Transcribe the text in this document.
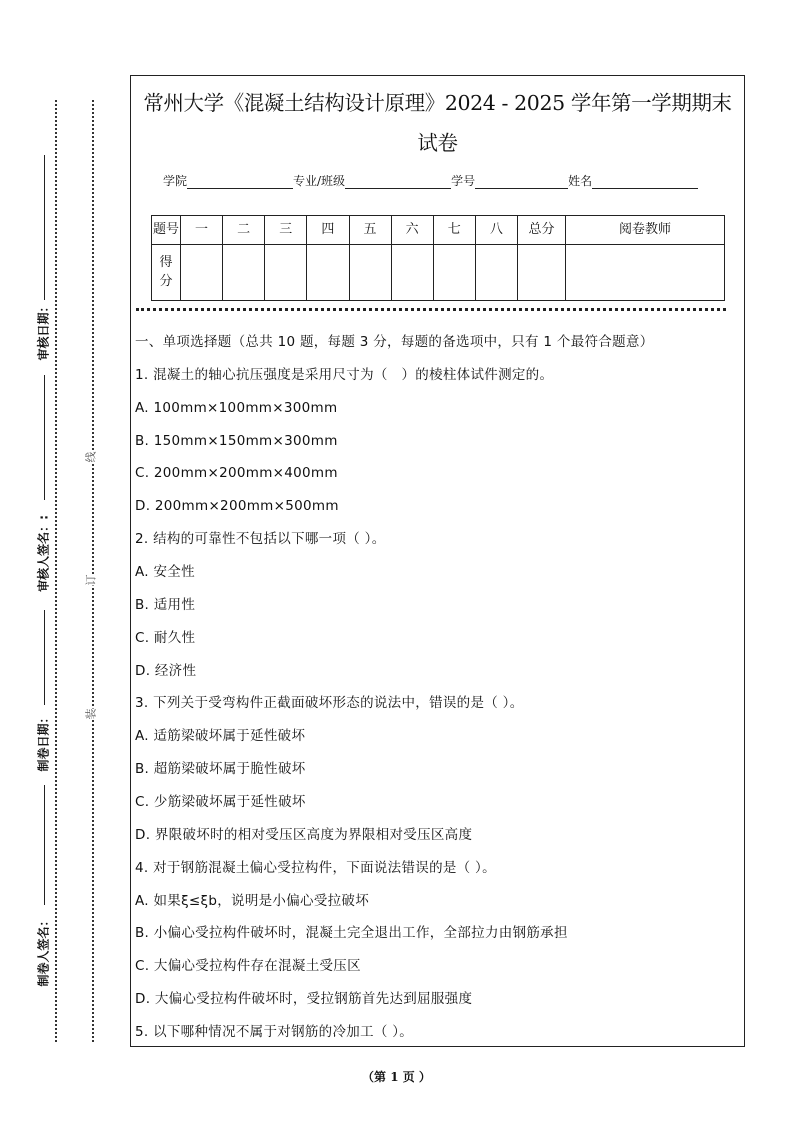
审核日期：
审核人签名：:
制卷日期：
制卷人签名：
线
订
装
常州大学《混凝土结构设计原理》2024 - 2025 学年第一学期期末
试卷
学院	专业/班级	学号	姓名
题号	一	二	三	四	五	六	七	八	总分	阅卷教师
得分										
一、单项选择题（总共 10 题，每题 3 分，每题的备选项中，只有 1 个最符合题意）
1. 混凝土的轴心抗压强度是采用尺寸为（　）的棱柱体试件测定的。
A. 100mm×100mm×300mm
B. 150mm×150mm×300mm
C. 200mm×200mm×400mm
D. 200mm×200mm×500mm
2. 结构的可靠性不包括以下哪一项（ ）。
A. 安全性
B. 适用性
C. 耐久性
D. 经济性
3. 下列关于受弯构件正截面破坏形态的说法中，错误的是（ ）。
A. 适筋梁破坏属于延性破坏
B. 超筋梁破坏属于脆性破坏
C. 少筋梁破坏属于延性破坏
D. 界限破坏时的相对受压区高度为界限相对受压区高度
4. 对于钢筋混凝土偏心受拉构件，下面说法错误的是（ ）。
A. 如果ξ≤ξb，说明是小偏心受拉破坏
B. 小偏心受拉构件破坏时，混凝土完全退出工作，全部拉力由钢筋承担
C. 大偏心受拉构件存在混凝土受压区
D. 大偏心受拉构件破坏时，受拉钢筋首先达到屈服强度
5. 以下哪种情况不属于对钢筋的冷加工（ ）。
（第 1 页 ）
